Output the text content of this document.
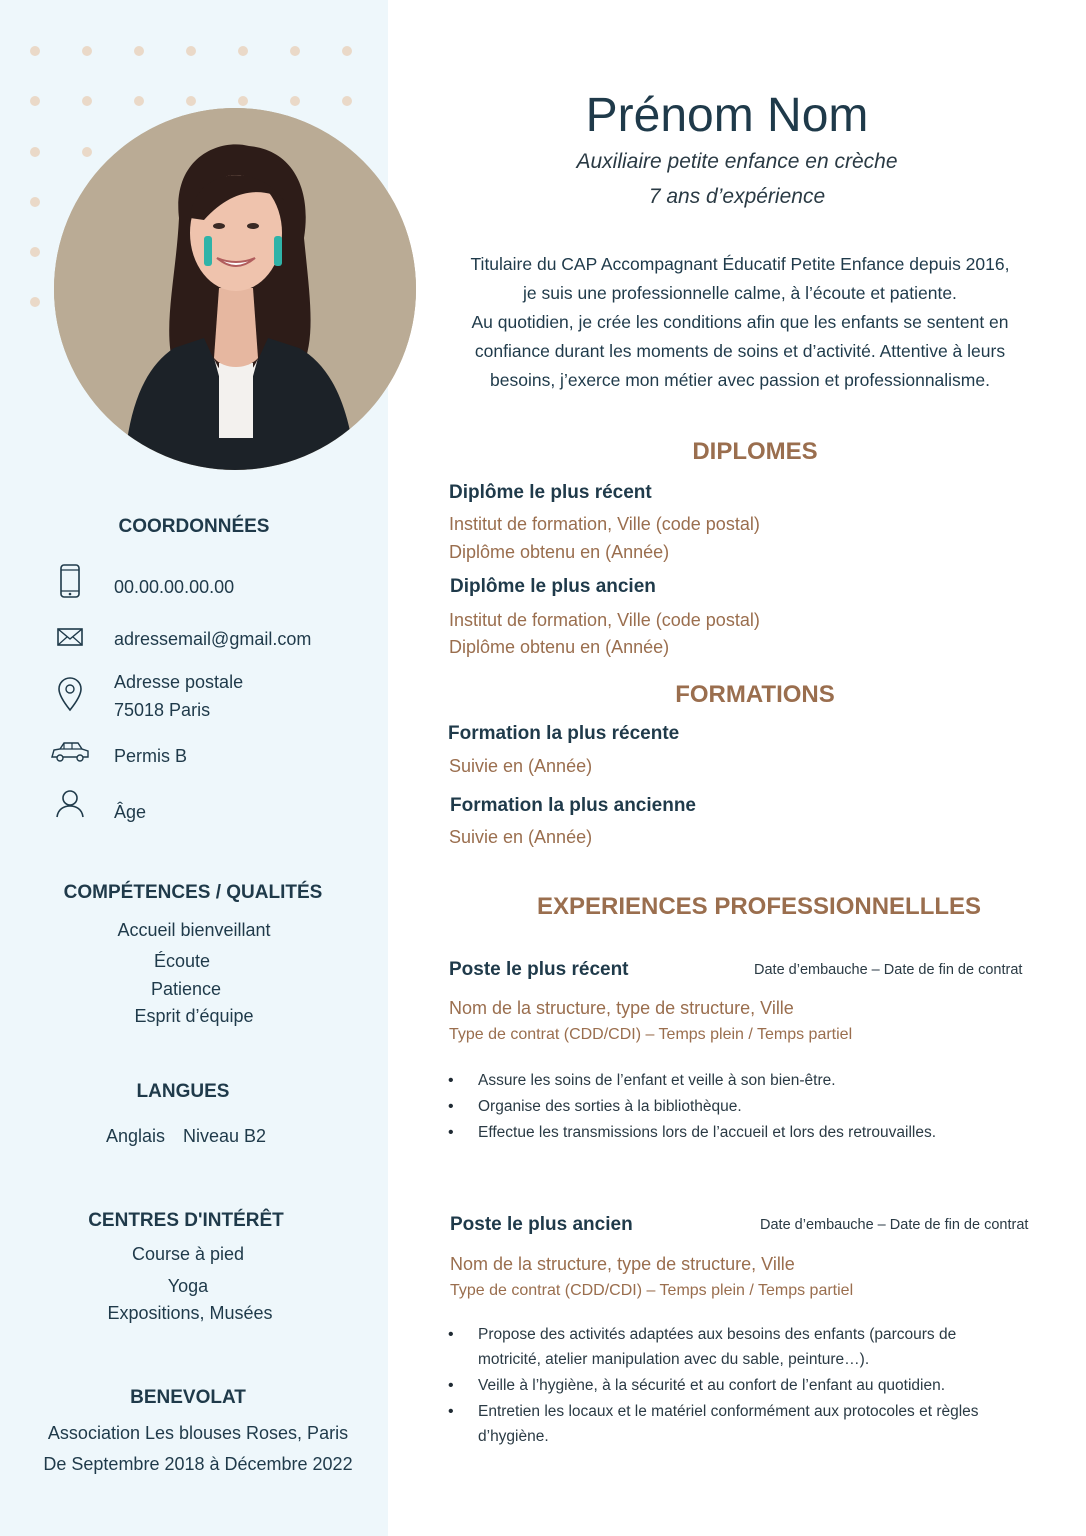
COORDONNÉES
00.00.00.00.00
adressemail@gmail.com
Adresse postale
75018 Paris
Permis B
Âge
COMPÉTENCES / QUALITÉS
Accueil bienveillant
Écoute
Patience
Esprit d’équipe
LANGUES
Anglais Niveau B2
CENTRES D'INTÉRÊT
Course à pied
Yoga
Expositions, Musées
BENEVOLAT
Association Les blouses Roses, Paris
De Septembre 2018 à Décembre 2022
Prénom Nom
Auxiliaire petite enfance en crèche
7 ans d’expérience
Titulaire du CAP Accompagnant Éducatif Petite Enfance depuis 2016,
je suis une professionnelle calme, à l’écoute et patiente.
Au quotidien, je crée les conditions afin que les enfants se sentent en
confiance durant les moments de soins et d’activité. Attentive à leurs
besoins, j’exerce mon métier avec passion et professionnalisme.
DIPLOMES
Diplôme le plus récent
Institut de formation, Ville (code postal)
Diplôme obtenu en (Année)
Diplôme le plus ancien
Institut de formation, Ville (code postal)
Diplôme obtenu en (Année)
FORMATIONS
Formation la plus récente
Suivie en (Année)
Formation la plus ancienne
Suivie en (Année)
EXPERIENCES PROFESSIONNELLLES
Poste le plus récent	Date d’embauche – Date de fin de contrat
Nom de la structure, type de structure, Ville
Type de contrat (CDD/CDI) – Temps plein / Temps partiel
• Assure les soins de l’enfant et veille à son bien-être.
• Organise des sorties à la bibliothèque.
• Effectue les transmissions lors de l’accueil et lors des retrouvailles.
Poste le plus ancien	Date d’embauche – Date de fin de contrat
Nom de la structure, type de structure, Ville
Type de contrat (CDD/CDI) – Temps plein / Temps partiel
• Propose des activités adaptées aux besoins des enfants (parcours de motricité, atelier manipulation avec du sable, peinture…).
• Veille à l’hygiène, à la sécurité et au confort de l’enfant au quotidien.
• Entretien les locaux et le matériel conformément aux protocoles et règles d’hygiène.
